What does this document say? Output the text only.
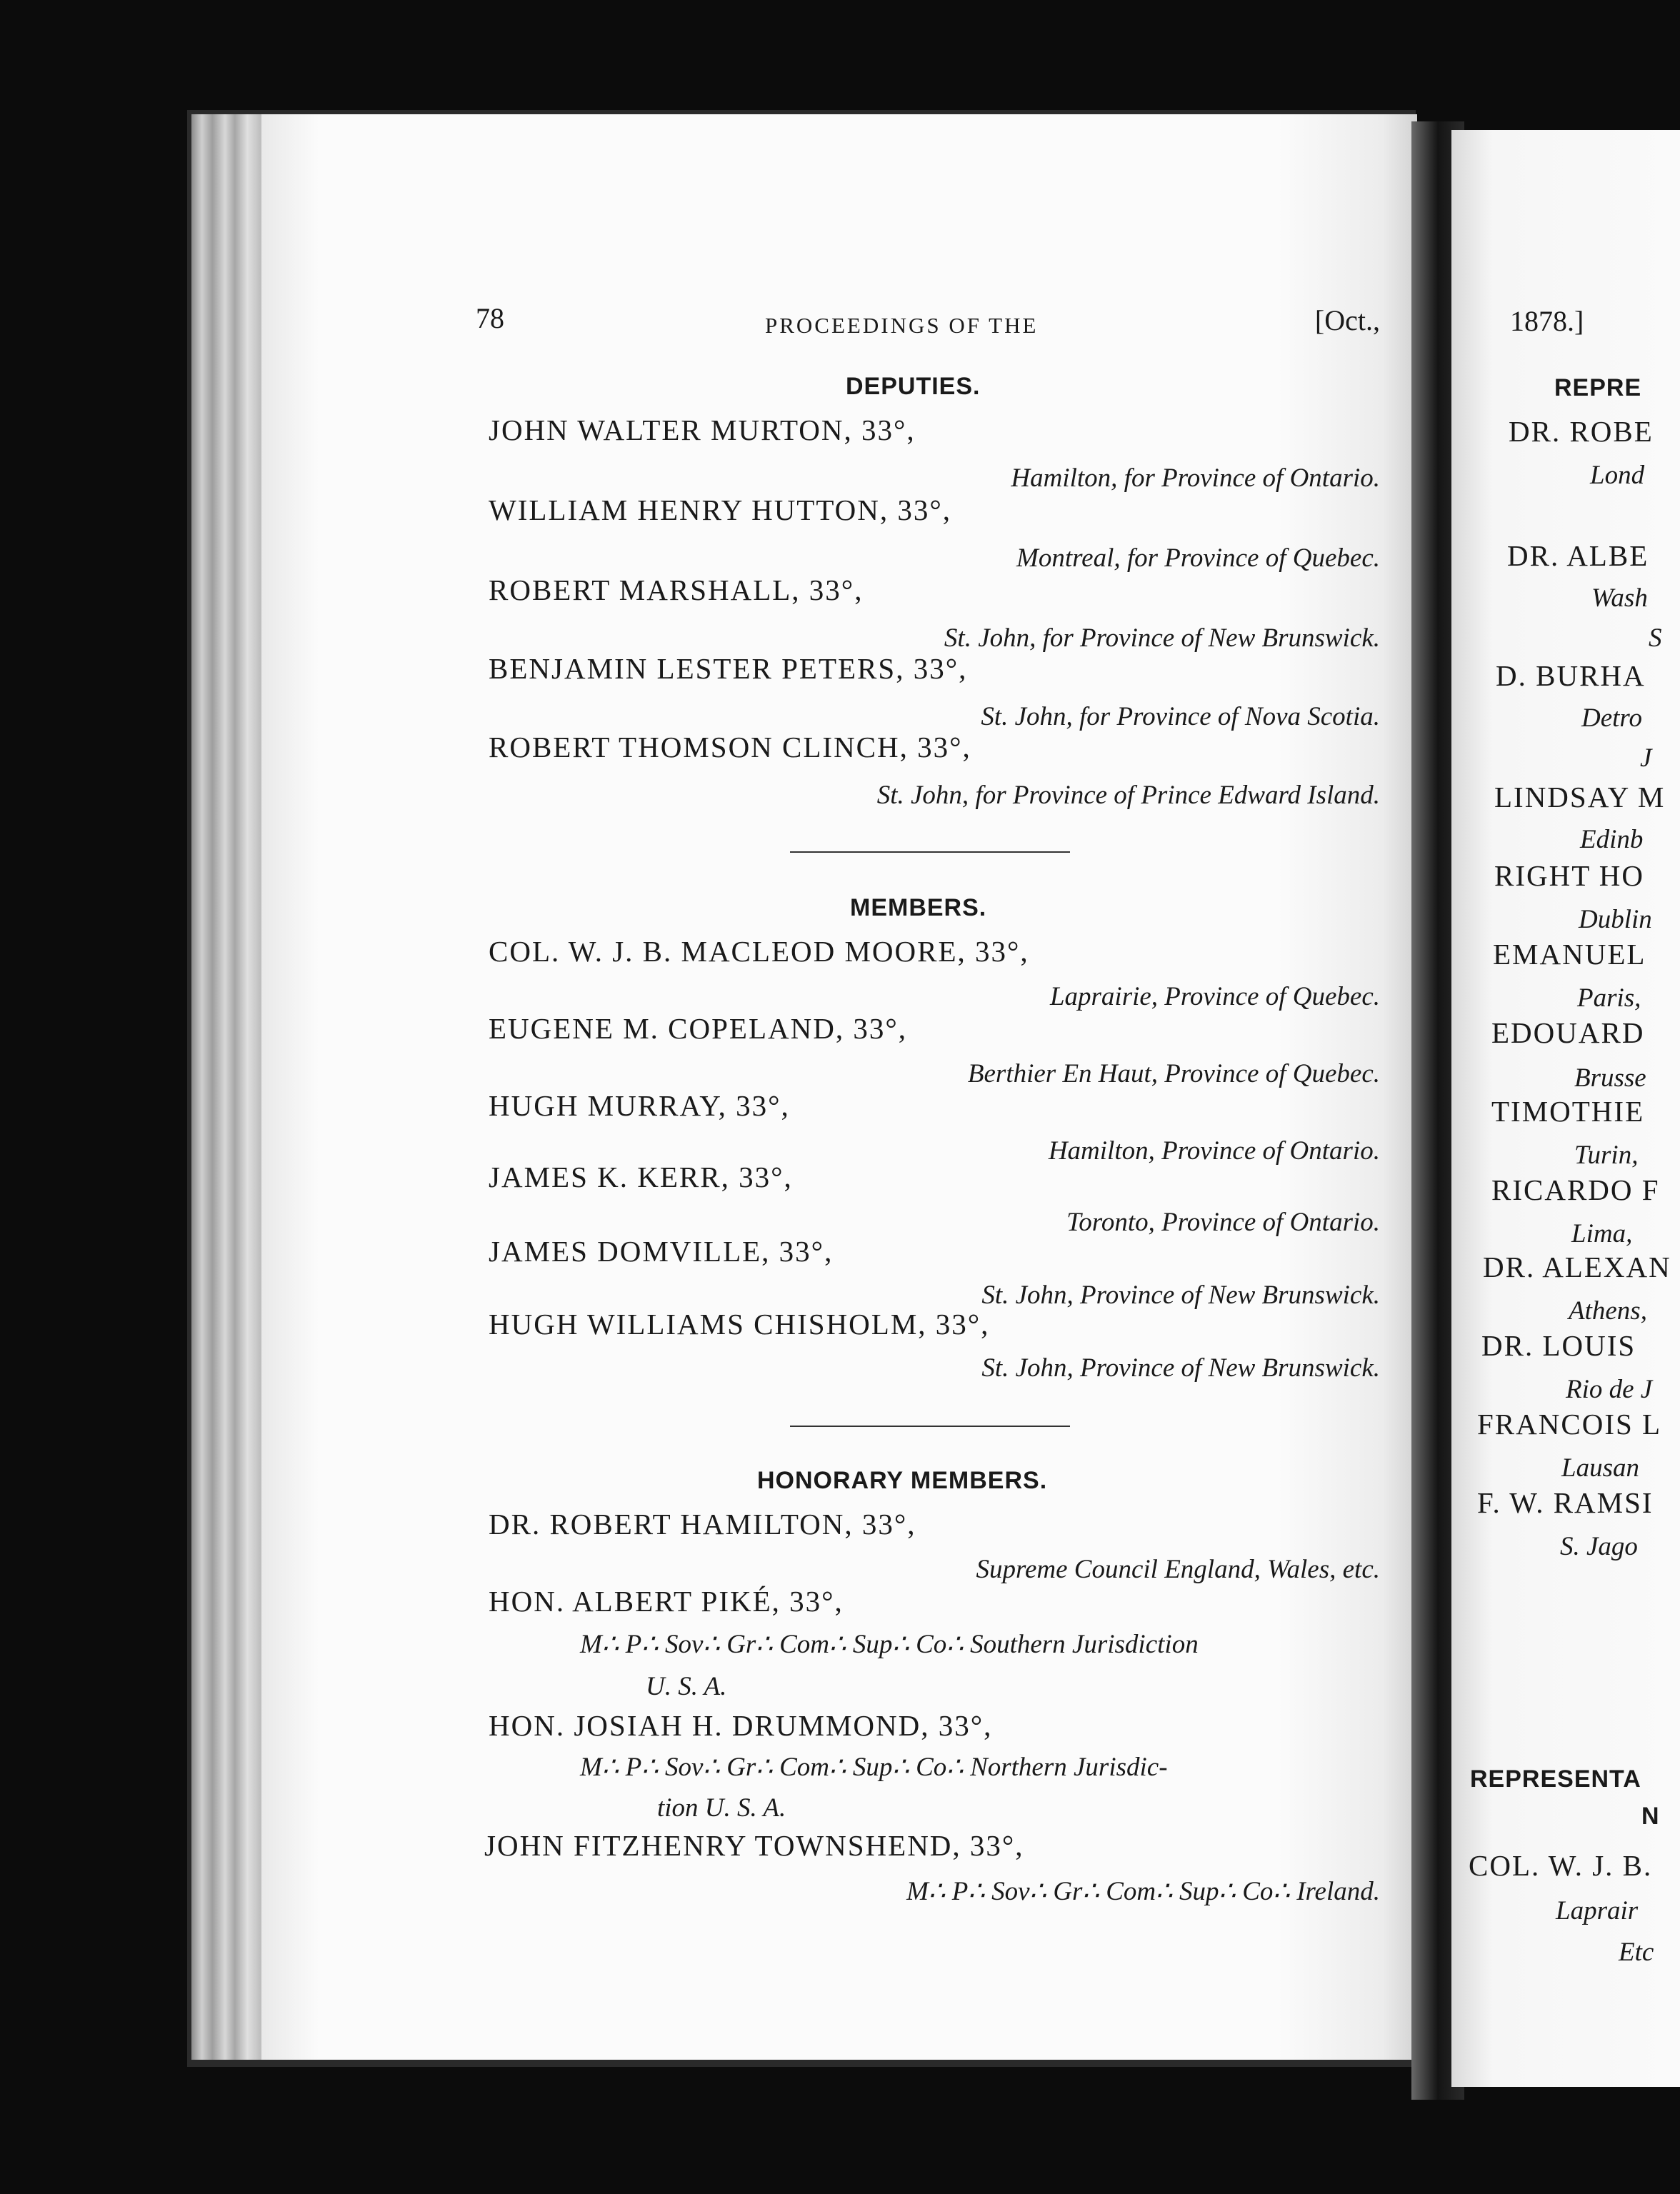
78	PROCEEDINGS OF THE	[Oct.,
DEPUTIES.
JOHN WALTER MURTON, 33°,
Hamilton, for Province of Ontario.
WILLIAM HENRY HUTTON, 33°,
Montreal, for Province of Quebec.
ROBERT MARSHALL, 33°,
St. John, for Province of New Brunswick.
BENJAMIN LESTER PETERS, 33°,
St. John, for Province of Nova Scotia.
ROBERT THOMSON CLINCH, 33°,
St. John, for Province of Prince Edward Island.
MEMBERS.
COL. W. J. B. MACLEOD MOORE, 33°,
Laprairie, Province of Quebec.
EUGENE M. COPELAND, 33°,
Berthier En Haut, Province of Quebec.
HUGH MURRAY, 33°,
Hamilton, Province of Ontario.
JAMES K. KERR, 33°,
Toronto, Province of Ontario.
JAMES DOMVILLE, 33°,
St. John, Province of New Brunswick.
HUGH WILLIAMS CHISHOLM, 33°,
St. John, Province of New Brunswick.
HONORARY MEMBERS.
DR. ROBERT HAMILTON, 33°,
Supreme Council England, Wales, etc.
HON. ALBERT PIKÉ, 33°,
M∴ P∴ Sov∴ Gr∴ Com∴ Sup∴ Co∴ Southern Jurisdiction
U. S. A.
HON. JOSIAH H. DRUMMOND, 33°,
M∴ P∴ Sov∴ Gr∴ Com∴ Sup∴ Co∴ Northern Jurisdic-
tion U. S. A.
JOHN FITZHENRY TOWNSHEND, 33°,
M∴ P∴ Sov∴ Gr∴ Com∴ Sup∴ Co∴ Ireland.
1878.]
REPRE
DR. ROBE
Lond
DR. ALBE
Wash
S
D. BURHA
Detro
J
LINDSAY M
Edinb
RIGHT HO
Dublin
EMANUEL
Paris,
EDOUARD
Brusse
TIMOTHIE
Turin,
RICARDO F
Lima,
DR. ALEXAN
Athens,
DR. LOUIS
Rio de J
FRANCOIS L
Lausan
F. W. RAMSI
S. Jago
REPRESENTA
N
COL. W. J. B.
Laprair
Etc
